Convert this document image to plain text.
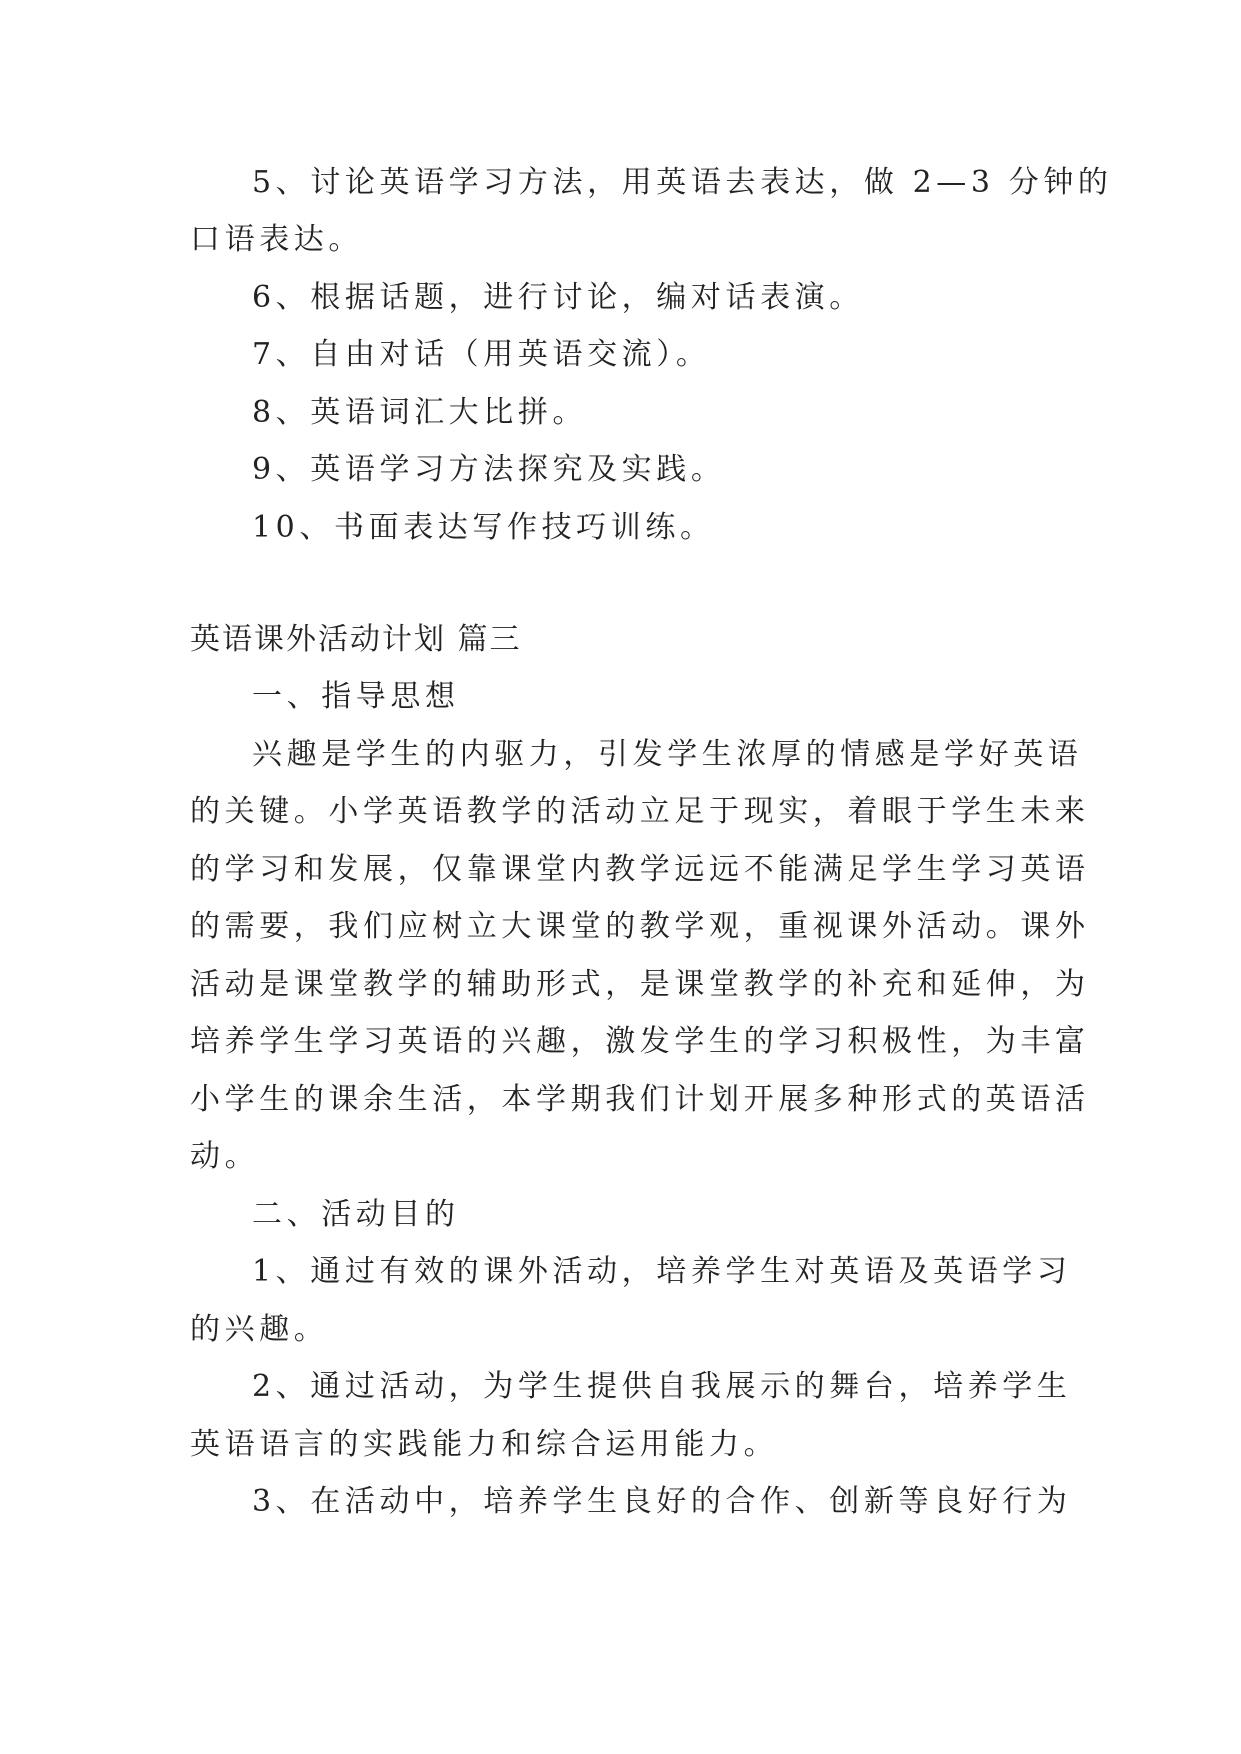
5、讨论英语学习方法，用英语去表达，做 2—3 分钟的
口语表达。
6、根据话题，进行讨论，编对话表演。
7、自由对话（用英语交流）。
8、英语词汇大比拼。
9、英语学习方法探究及实践。
10、书面表达写作技巧训练。
英语课外活动计划 篇三
一、指导思想
兴趣是学生的内驱力，引发学生浓厚的情感是学好英语
的关键。小学英语教学的活动立足于现实，着眼于学生未来
的学习和发展，仅靠课堂内教学远远不能满足学生学习英语
的需要，我们应树立大课堂的教学观，重视课外活动。课外
活动是课堂教学的辅助形式，是课堂教学的补充和延伸，为
培养学生学习英语的兴趣，激发学生的学习积极性，为丰富
小学生的课余生活，本学期我们计划开展多种形式的英语活
动。
二、活动目的
1、通过有效的课外活动，培养学生对英语及英语学习
的兴趣。
2、通过活动，为学生提供自我展示的舞台，培养学生
英语语言的实践能力和综合运用能力。
3、在活动中，培养学生良好的合作、创新等良好行为
